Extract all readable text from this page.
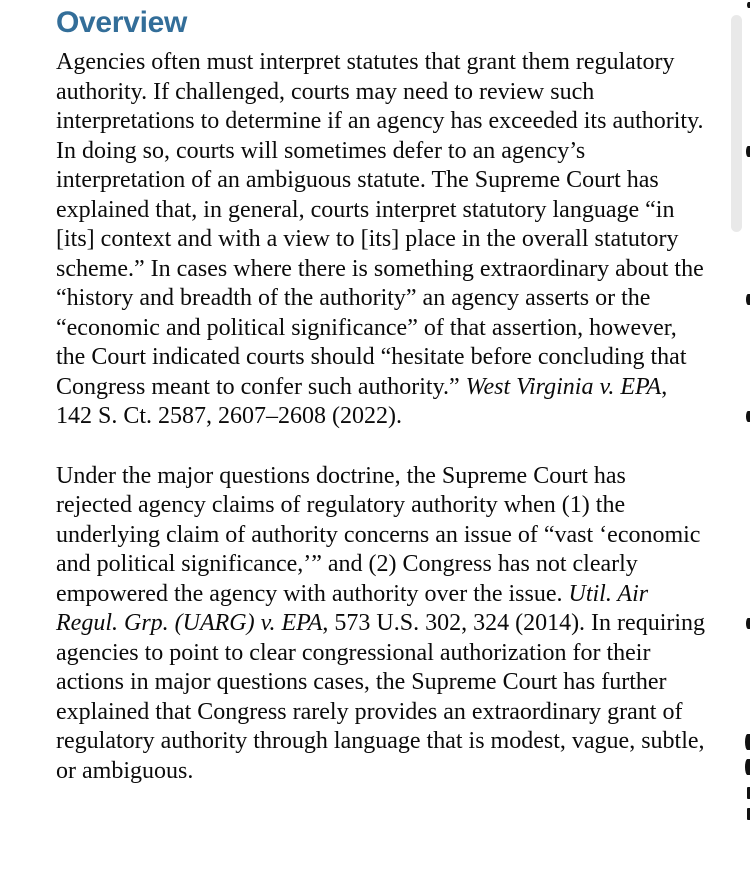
Overview

Agencies often must interpret statutes that grant them regulatory authority. If challenged, courts may need to review such interpretations to determine if an agency has exceeded its authority. In doing so, courts will sometimes defer to an agency’s interpretation of an ambiguous statute. The Supreme Court has explained that, in general, courts interpret statutory language “in [its] context and with a view to [its] place in the overall statutory scheme.” In cases where there is something extraordinary about the “history and breadth of the authority” an agency asserts or the “economic and political significance” of that assertion, however, the Court indicated courts should “hesitate before concluding that Congress meant to confer such authority.” West Virginia v. EPA, 142 S. Ct. 2587, 2607–2608 (2022).

Under the major questions doctrine, the Supreme Court has rejected agency claims of regulatory authority when (1) the underlying claim of authority concerns an issue of “vast ‘economic and political significance,’” and (2) Congress has not clearly empowered the agency with authority over the issue. Util. Air Regul. Grp. (UARG) v. EPA, 573 U.S. 302, 324 (2014). In requiring agencies to point to clear congressional authorization for their actions in major questions cases, the Supreme Court has further explained that Congress rarely provides an extraordinary grant of regulatory authority through language that is modest, vague, subtle, or ambiguous.
